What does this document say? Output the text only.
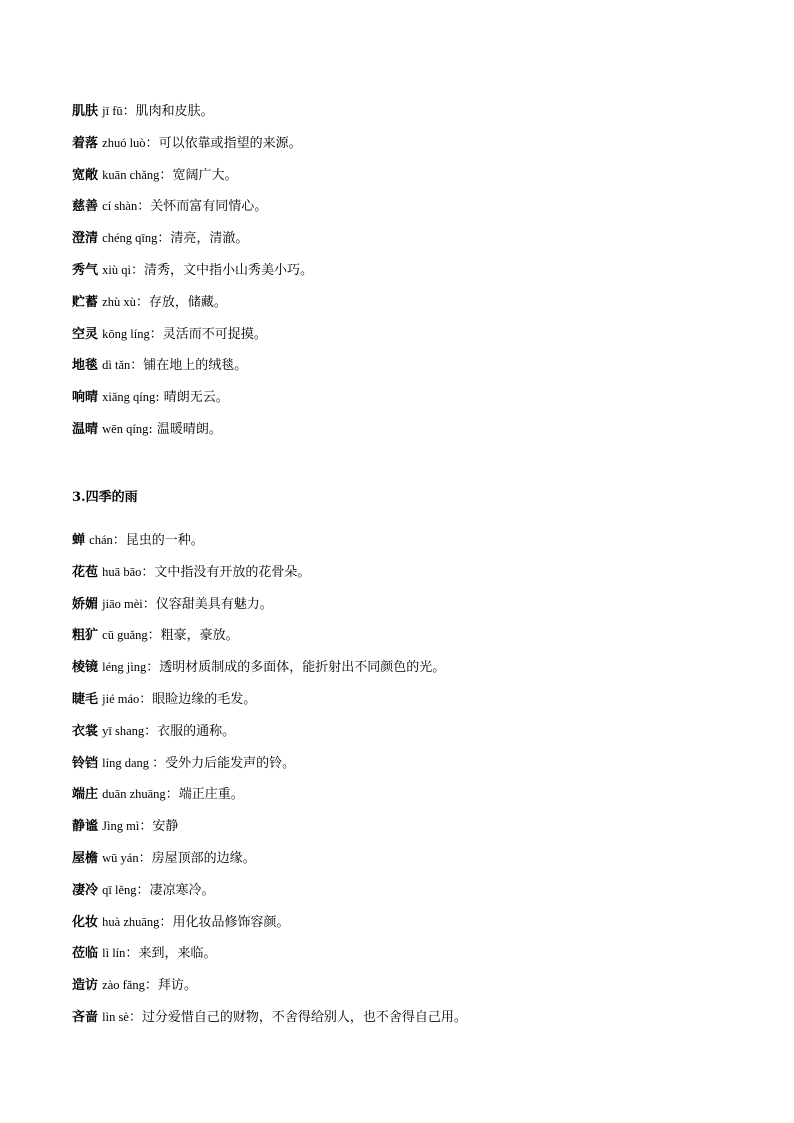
肌肤 jī fū：肌肉和皮肤。
着落 zhuó luò：可以依靠或指望的来源。
宽敞 kuān chǎng：宽阔广大。
慈善 cí shàn：关怀而富有同情心。
澄清 chéng qīng：清亮，清澈。
秀气 xiù qi：清秀，文中指小山秀美小巧。
贮蓄 zhù xù：存放，储藏。
空灵 kōng líng：灵活而不可捉摸。
地毯 dì tǎn：铺在地上的绒毯。
响晴 xiǎng qíng: 晴朗无云。
温晴 wēn qíng: 温暖晴朗。
3.四季的雨
蝉 chán：昆虫的一种。
花苞 huā bāo：文中指没有开放的花骨朵。
娇媚 jiāo mèi：仪容甜美具有魅力。
粗犷 cū guǎng：粗豪，豪放。
棱镜 léng jìng：透明材质制成的多面体，能折射出不同颜色的光。
睫毛 jié máo：眼睑边缘的毛发。
衣裳 yī shang：衣服的通称。
铃铛 líng dang ：受外力后能发声的铃。
端庄 duān zhuāng：端正庄重。
静谧 Jìng mì：安静
屋檐 wū yán：房屋顶部的边缘。
凄冷 qī lěng：凄凉寒冷。
化妆 huà zhuāng：用化妆品修饰容颜。
莅临 lì lín：来到，来临。
造访 zào fǎng：拜访。
吝啬 lìn sè：过分爱惜自己的财物，不舍得给别人，也不舍得自己用。
